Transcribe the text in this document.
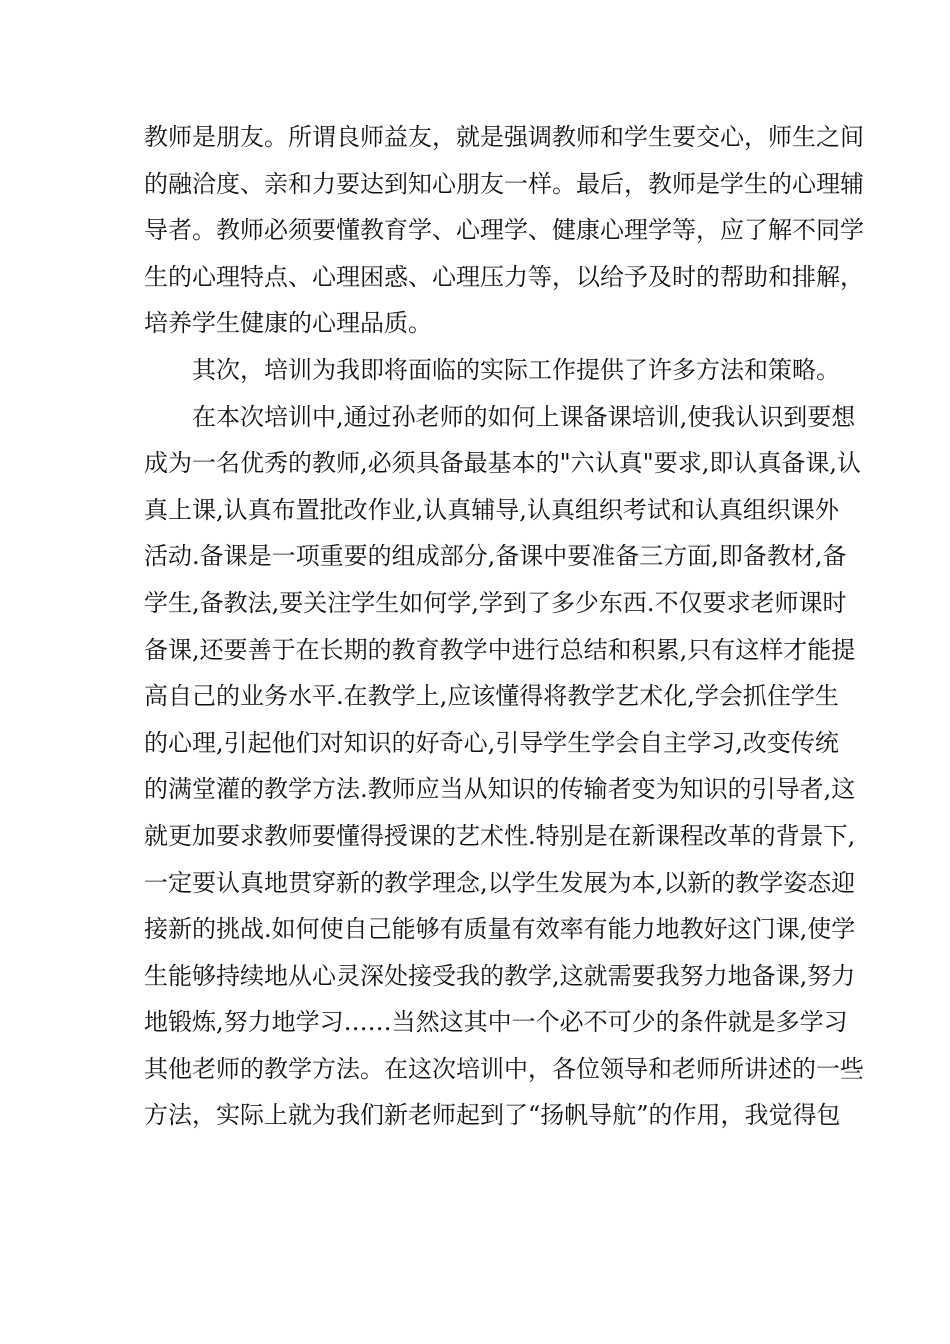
教师是朋友。所谓良师益友，就是强调教师和学生要交心，师生之间
的融洽度、亲和力要达到知心朋友一样。最后，教师是学生的心理辅
导者。教师必须要懂教育学、心理学、健康心理学等，应了解不同学
生的心理特点、心理困惑、心理压力等，以给予及时的帮助和排解，
培养学生健康的心理品质。
其次，培训为我即将面临的实际工作提供了许多方法和策略。
在本次培训中,通过孙老师的如何上课备课培训,使我认识到要想
成为一名优秀的教师,必须具备最基本的"六认真"要求,即认真备课,认
真上课,认真布置批改作业,认真辅导,认真组织考试和认真组织课外
活动.备课是一项重要的组成部分,备课中要准备三方面,即备教材,备
学生,备教法,要关注学生如何学,学到了多少东西.不仅要求老师课时
备课,还要善于在长期的教育教学中进行总结和积累,只有这样才能提
高自己的业务水平.在教学上,应该懂得将教学艺术化,学会抓住学生
的心理,引起他们对知识的好奇心,引导学生学会自主学习,改变传统
的满堂灌的教学方法.教师应当从知识的传输者变为知识的引导者,这
就更加要求教师要懂得授课的艺术性.特别是在新课程改革的背景下,
一定要认真地贯穿新的教学理念,以学生发展为本,以新的教学姿态迎
接新的挑战.如何使自己能够有质量有效率有能力地教好这门课,使学
生能够持续地从心灵深处接受我的教学,这就需要我努力地备课,努力
地锻炼,努力地学习……当然这其中一个必不可少的条件就是多学习
其他老师的教学方法。在这次培训中，各位领导和老师所讲述的一些
方法，实际上就为我们新老师起到了“扬帆导航”的作用，我觉得包
